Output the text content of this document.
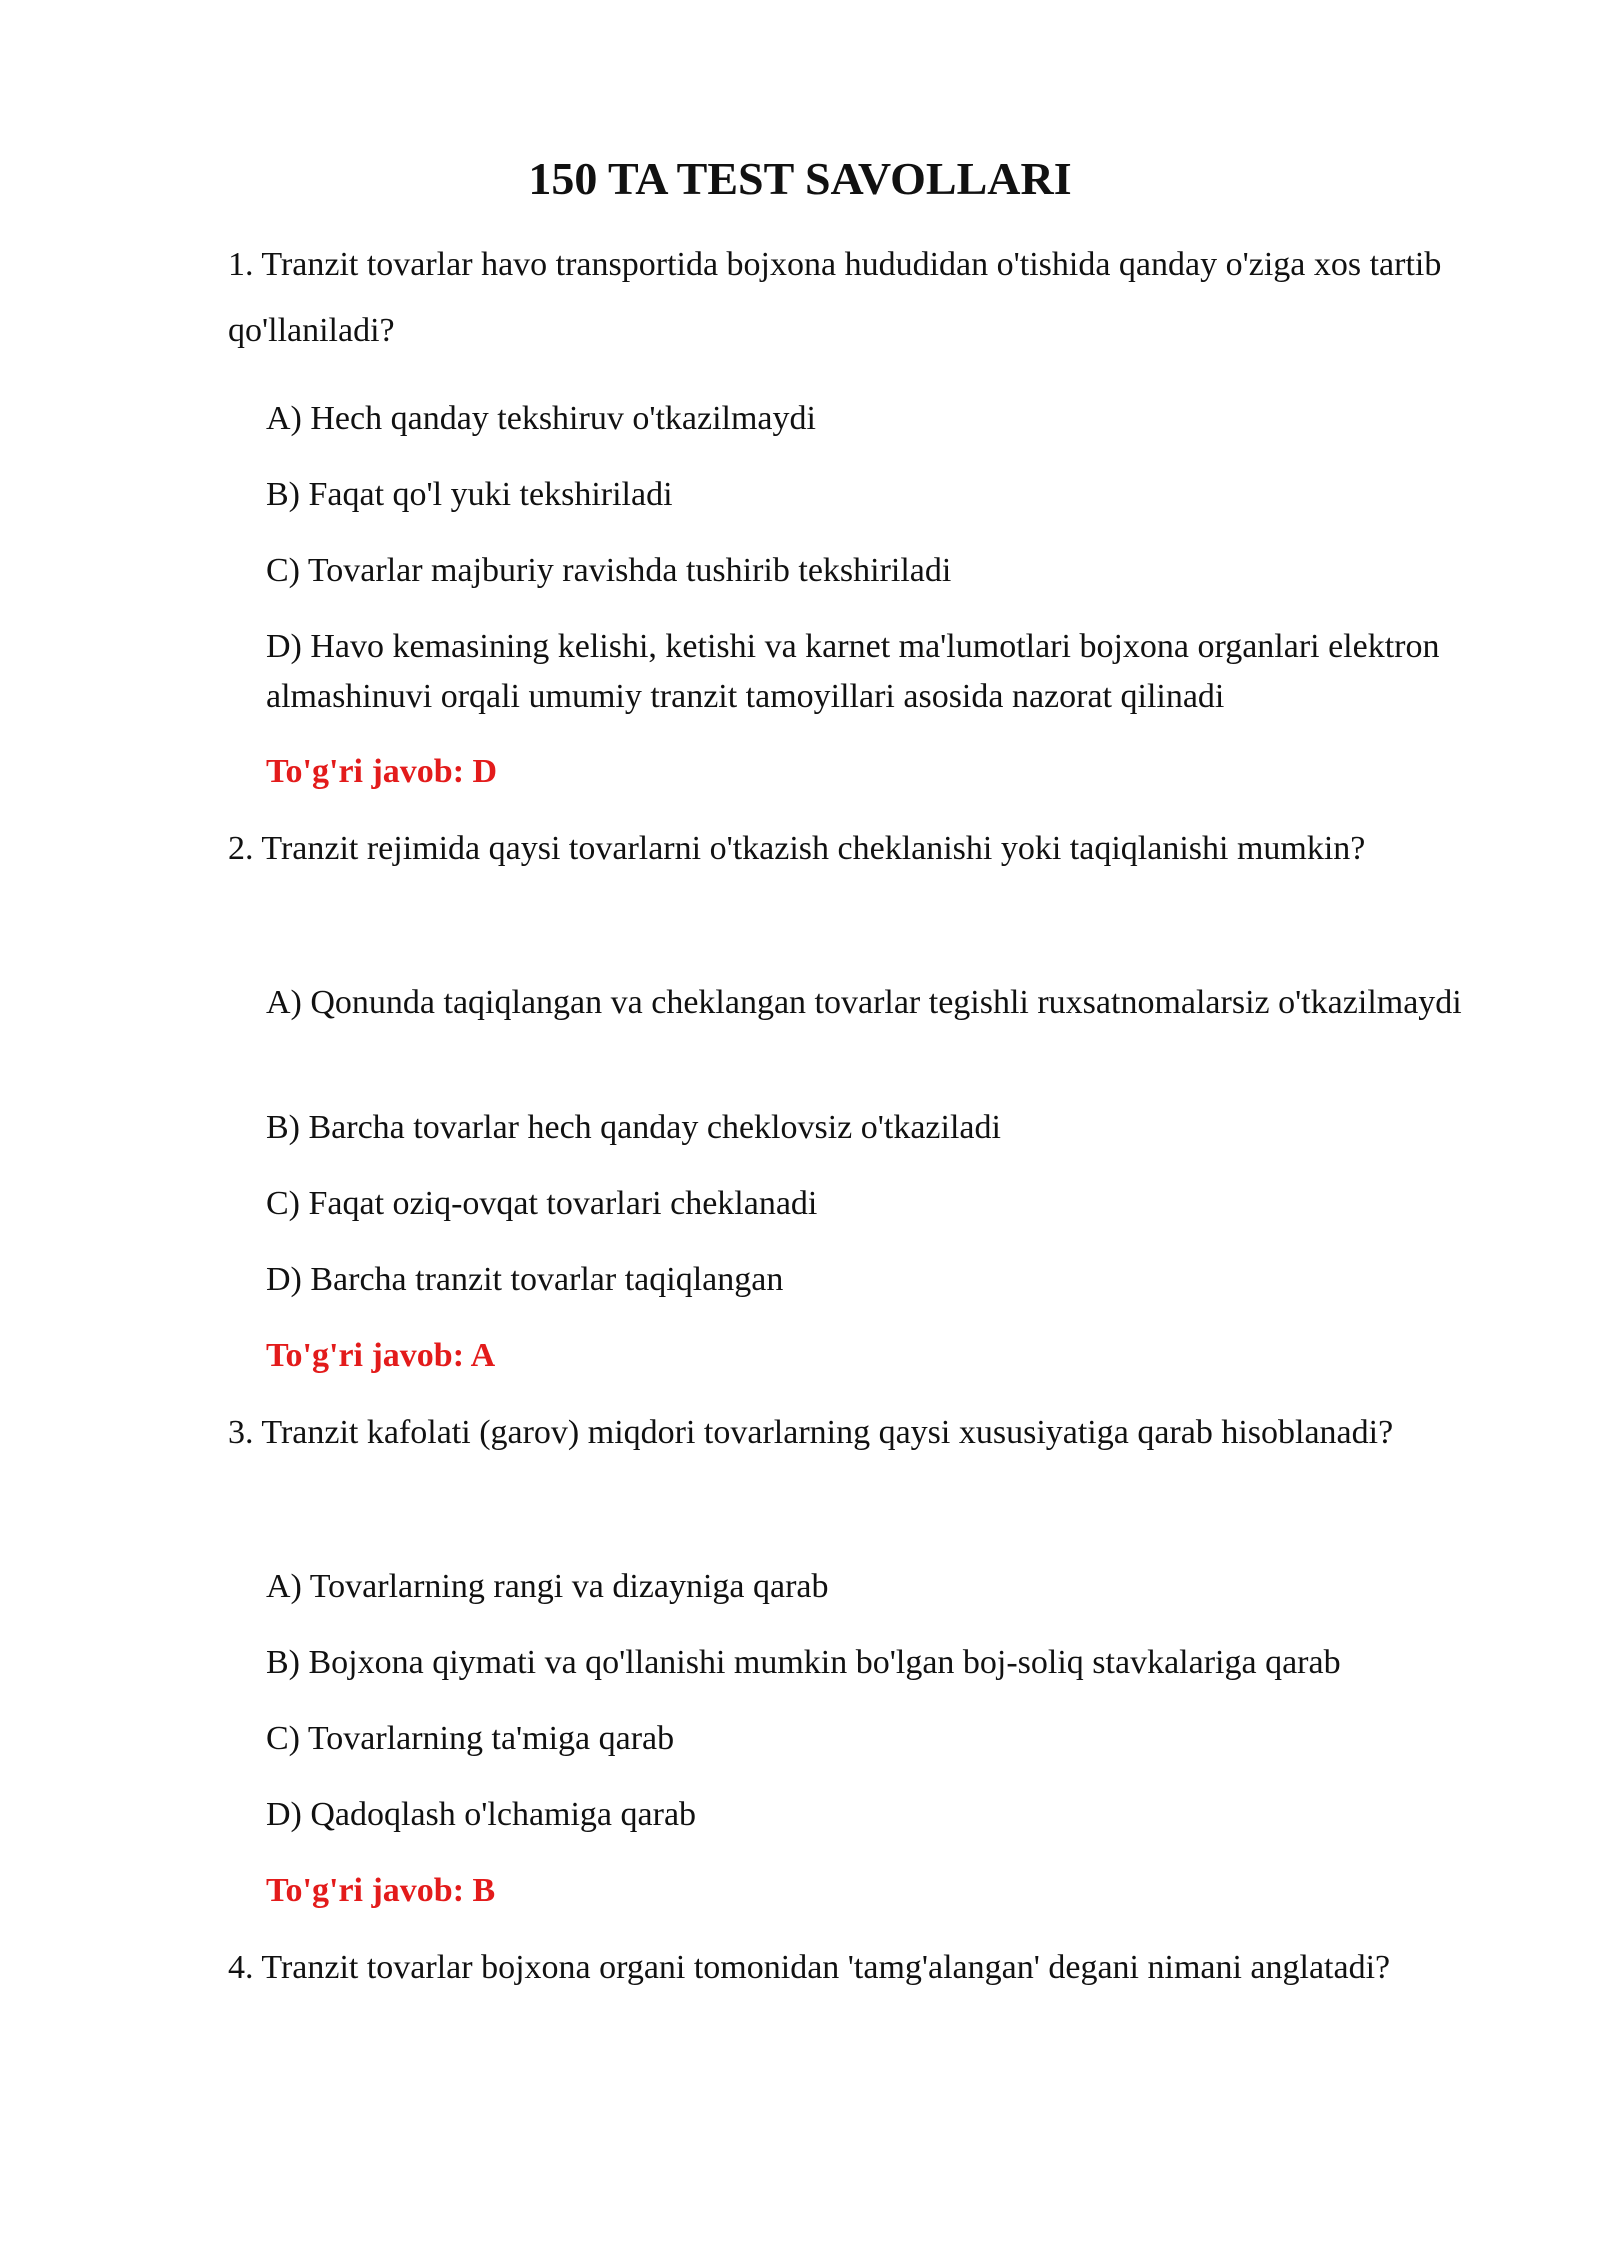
150 TA TEST SAVOLLARI
1. Tranzit tovarlar havo transportida bojxona hududidan o'tishida qanday o'ziga xos tartib qo'llaniladi?
A) Hech qanday tekshiruv o'tkazilmaydi
B) Faqat qo'l yuki tekshiriladi
C) Tovarlar majburiy ravishda tushirib tekshiriladi
D) Havo kemasining kelishi, ketishi va karnet ma'lumotlari bojxona organlari elektron almashinuvi orqali umumiy tranzit tamoyillari asosida nazorat qilinadi
To'g'ri javob: D
2. Tranzit rejimida qaysi tovarlarni o'tkazish cheklanishi yoki taqiqlanishi mumkin?
A) Qonunda taqiqlangan va cheklangan tovarlar tegishli ruxsatnomalarsiz o'tkazilmaydi
B) Barcha tovarlar hech qanday cheklovsiz o'tkaziladi
C) Faqat oziq-ovqat tovarlari cheklanadi
D) Barcha tranzit tovarlar taqiqlangan
To'g'ri javob: A
3. Tranzit kafolati (garov) miqdori tovarlarning qaysi xususiyatiga qarab hisoblanadi?
A) Tovarlarning rangi va dizayniga qarab
B) Bojxona qiymati va qo'llanishi mumkin bo'lgan boj-soliq stavkalariga qarab
C) Tovarlarning ta'miga qarab
D) Qadoqlash o'lchamiga qarab
To'g'ri javob: B
4. Tranzit tovarlar bojxona organi tomonidan 'tamg'alangan' degani nimani anglatadi?
